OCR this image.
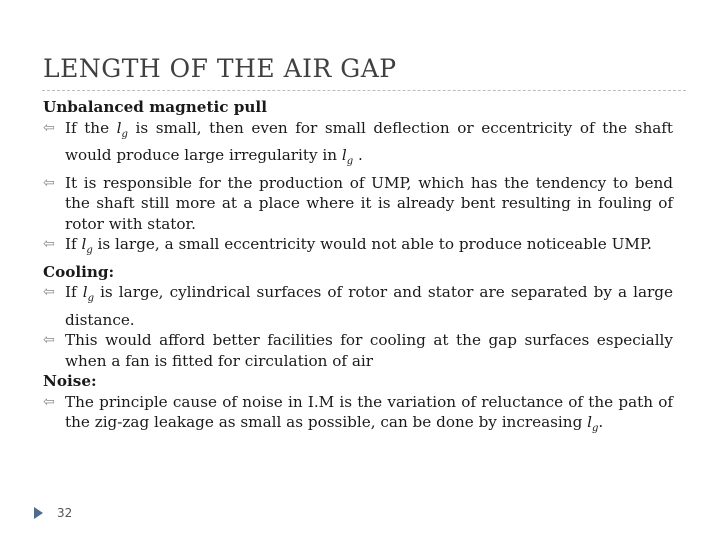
LENGTH OF THE AIR GAP

Unbalanced magnetic pull

⇦ If the $l_g$ is small, then even for small deflection or eccentricity of the shaft would produce large irregularity in $l_g$ .

⇦ It is responsible for the production of UMP, which has the tendency to bend the shaft still more at a place where it is already bent resulting in fouling of rotor with stator.

⇦ If $l_g$ is large, a small eccentricity would not able to produce noticeable UMP.

Cooling:

⇦ If $l_g$ is large, cylindrical surfaces of rotor and stator are separated by a large distance.

⇦ This would afford better facilities for cooling at the gap surfaces especially when a fan is fitted for circulation of air

Noise:

⇦ The principle cause of noise in I.M is the variation of reluctance of the path of the zig-zag leakage as small as possible, can be done by increasing $l_g$.

32
